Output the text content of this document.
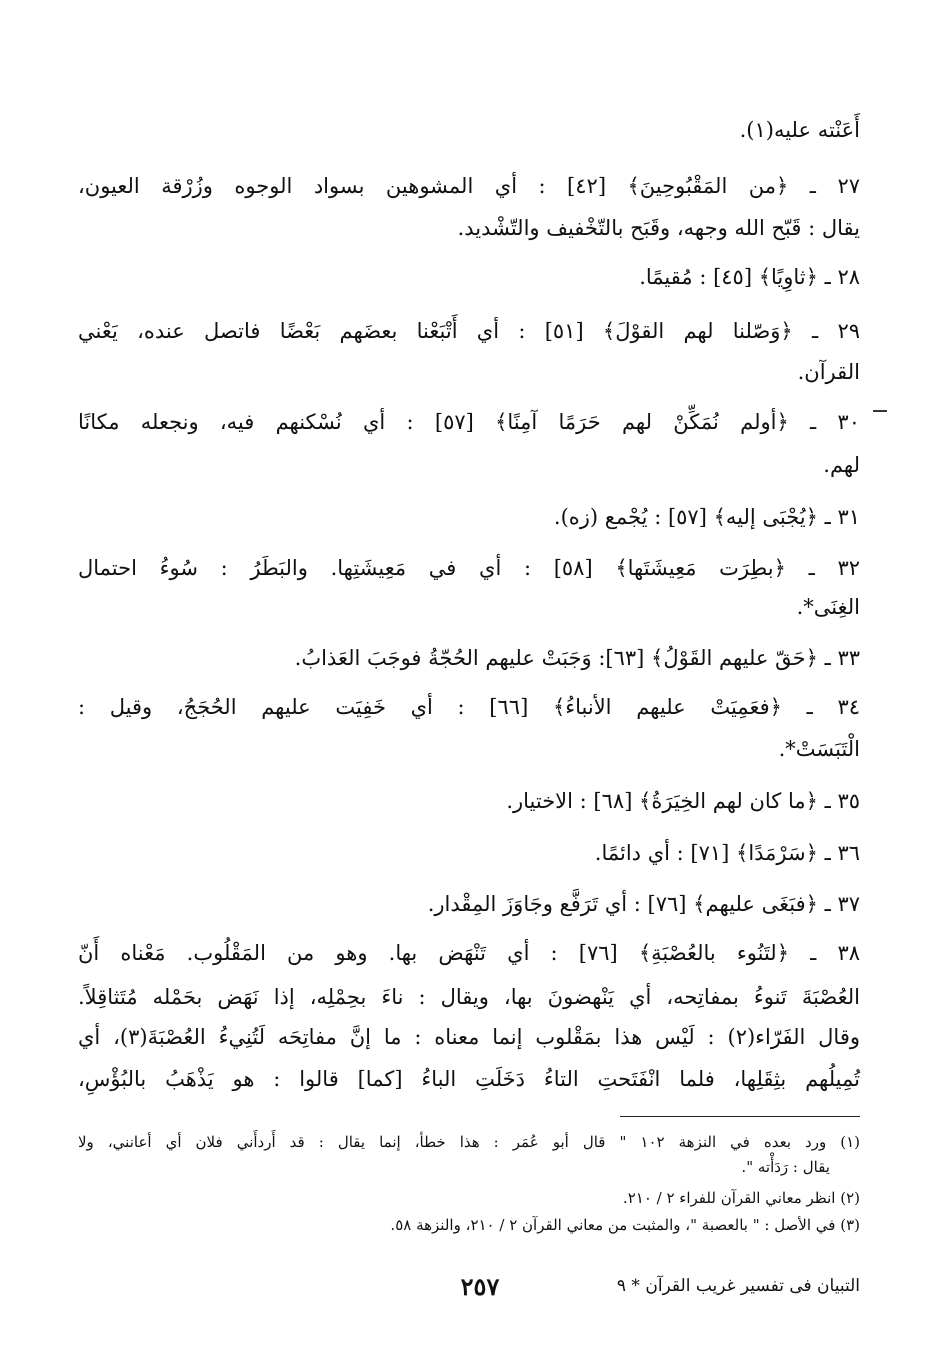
أَعَنْته عليه(١).

٢٧ ـ ﴿من المَقْبُوحِينَ﴾ [٤٢] : أي المشوهين بسواد الوجوه وزُرْقة العيون،

يقال : قَبّح الله وجهه، وقَبَح بالتّخْفيف والتّشْديد.

٢٨ ـ ﴿ثاوِيًا﴾ [٤٥] : مُقيمًا.

٢٩ ـ ﴿وَصّلنا لهم القوْلَ﴾ [٥١] : أي أَتْبَعْنا بعضَهم بَعْضًا فاتصل عنده، يَعْني

القرآن.

٣٠ ـ ﴿أولم نُمَكِّنْ لهم حَرَمًا آمِنًا﴾ [٥٧] : أي نُسْكنهم فيه، ونجعله مكانًا

لهم.

٣١ ـ ﴿يُجْبَى إليه﴾ [٥٧] : يُجْمع (زه).

٣٢ ـ ﴿بطِرَت مَعِيشَتَها﴾ [٥٨] : أي في مَعِيشَتِها. والبَطَرُ : سُوءُ احتمال

الغِنَى*.

٣٣ ـ ﴿حَقّ عليهم القَوْلُ﴾ [٦٣]: وَجَبَتْ عليهم الحُجّةُ فوجَبَ العَذابُ.

٣٤ ـ ﴿فعَمِيَتْ عليهم الأنباءُ﴾ [٦٦] : أي خَفِيَت عليهم الحُجَجُ، وقيل :

الْتَبَسَتْ*.

٣٥ ـ ﴿ما كان لهم الخِيَرَةُ﴾ [٦٨] : الاختيار.

٣٦ ـ ﴿سَرْمَدًا﴾ [٧١] : أي دائمًا.

٣٧ ـ ﴿فبَغَى عليهم﴾ [٧٦] : أي تَرَفَّع وجَاوَزَ المِقْدار.

٣٨ ـ ﴿لتَنُوء بالعُصْبَةِ﴾ [٧٦] : أي تَنْهَض بها. وهو من المَقْلُوب. مَعْناه أَنّ

العُصْبَةَ تَنوءُ بمفاتِحه، أي يَنْهضونَ بها، ويقال : ناءَ بحِمْلِه، إذا نَهَض بحَمْله مُتَثاقِلاً.

وقال الفَرّاء(٢) : لَيْس هذا بمَقْلوب إنما معناه : ما إنَّ مفاتِحَه لَتُنِيءُ العُصْبَةَ(٣)، أي

تُمِيلُهم بثِقَلِها، فلما انْفَتَحتِ التاءُ دَخَلَتِ الباءُ [كما] قالوا : هو يَذْهَبُ بالبُؤْسِ،

(١) ورد بعده في النزهة ١٠٢ " قال أبو عُمَر : هذا خطأ، إنما يقال : قد أَردأَني فلان أي أعانني، ولا

يقال : رَدَأْته ".

(٢) انظر معاني القرآن للفراء ٢ / ٢١٠.

(٣) في الأصل : " بالعصبة "، والمثبت من معاني القرآن ٢ / ٢١٠، والنزهة ٥٨.

٢٥٧	التبيان فى تفسير غريب القرآن * ٩
